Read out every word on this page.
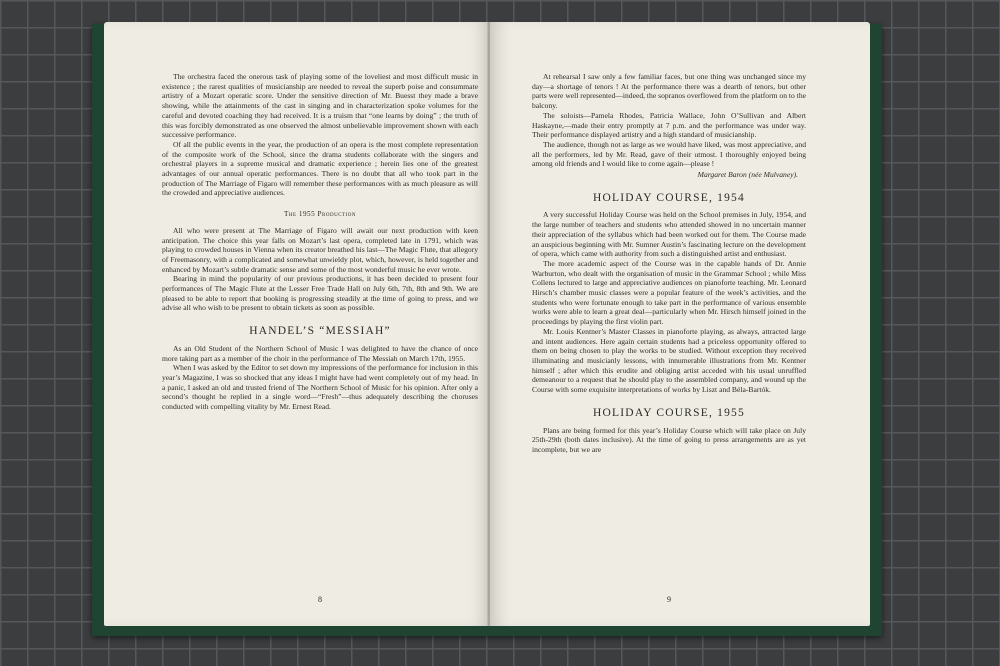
The orchestra faced the onerous task of playing some of the loveliest and most difficult music in existence ; the rarest qualities of musicianship are needed to reveal the superb poise and consummate artistry of a Mozart operatic score. Under the sensitive direction of Mr. Buesst they made a brave showing, while the attainments of the cast in singing and in characterization spoke volumes for the careful and devoted coaching they had received. It is a truism that “one learns by doing” ; the truth of this was forcibly demonstrated as one observed the almost unbelievable improvement shown with each successive performance.

Of all the public events in the year, the production of an opera is the most complete representation of the composite work of the School, since the drama students collaborate with the singers and orchestral players in a supreme musical and dramatic experience ; herein lies one of the greatest advantages of our annual operatic performances. There is no doubt that all who took part in the production of The Marriage of Figaro will remember these performances with as much pleasure as will the crowded and appreciative audiences.

The 1955 Production

All who were present at The Marriage of Figaro will await our next production with keen anticipation. The choice this year falls on Mozart’s last opera, completed late in 1791, which was playing to crowded houses in Vienna when its creator breathed his last—The Magic Flute, that allegory of Freemasonry, with a complicated and somewhat unwieldy plot, which, however, is held together and enhanced by Mozart’s subtle dramatic sense and some of the most wonderful music he ever wrote.

Bearing in mind the popularity of our previous productions, it has been decided to present four performances of The Magic Flute at the Lesser Free Trade Hall on July 6th, 7th, 8th and 9th. We are pleased to be able to report that booking is progressing steadily at the time of going to press, and we advise all who wish to be present to obtain tickets as soon as possible.

HANDEL’S “MESSIAH”

As an Old Student of the Northern School of Music I was delighted to have the chance of once more taking part as a member of the choir in the performance of The Messiah on March 17th, 1955.

When I was asked by the Editor to set down my impressions of the performance for inclusion in this year’s Magazine, I was so shocked that any ideas I might have had went completely out of my head. In a panic, I asked an old and trusted friend of The Northern School of Music for his opinion. After only a second’s thought he replied in a single word—“Fresh”—thus adequately describing the choruses conducted with compelling vitality by Mr. Ernest Read.

8

At rehearsal I saw only a few familiar faces, but one thing was unchanged since my day—a shortage of tenors ! At the performance there was a dearth of tenors, but other parts were well represented—indeed, the sopranos overflowed from the platform on to the balcony.

The soloists—Pamela Rhodes, Patricia Wallace, John O’Sullivan and Albert Haskayne,—made their entry promptly at 7 p.m. and the performance was under way. Their performance displayed artistry and a high standard of musicianship.

The audience, though not as large as we would have liked, was most appreciative, and all the performers, led by Mr. Read, gave of their utmost. I thoroughly enjoyed being among old friends and I would like to come again—please !

Margaret Baron (née Mulvaney).
HOLIDAY COURSE, 1954

A very successful Holiday Course was held on the School premises in July, 1954, and the large number of teachers and students who attended showed in no uncertain manner their appreciation of the syllabus which had been worked out for them. The Course made an auspicious beginning with Mr. Sumner Austin’s fascinating lecture on the development of opera, which came with authority from such a distinguished artist and enthusiast.

The more academic aspect of the Course was in the capable hands of Dr. Annie Warburton, who dealt with the organisation of music in the Grammar School ; while Miss Collens lectured to large and appreciative audiences on pianoforte teaching. Mr. Leonard Hirsch’s chamber music classes were a popular feature of the week’s activities, and the students who were fortunate enough to take part in the performance of various ensemble works were able to learn a great deal—particularly when Mr. Hirsch himself joined in the proceedings by playing the first violin part.

Mr. Louis Kentner’s Master Classes in pianoforte playing, as always, attracted large and intent audiences. Here again certain students had a priceless opportunity offered to them on being chosen to play the works to be studied. Without exception they received illuminating and musicianly lessons, with innumerable illustrations from Mr. Kentner himself ; after which this erudite and obliging artist acceded with his usual unruffled demeanour to a request that he should play to the assembled company, and wound up the Course with some exquisite interpretations of works by Liszt and Béla-Bartók.

HOLIDAY COURSE, 1955

Plans are being formed for this year’s Holiday Course which will take place on July 25th-29th (both dates inclusive). At the time of going to press arrangements are as yet incomplete, but we are

9
